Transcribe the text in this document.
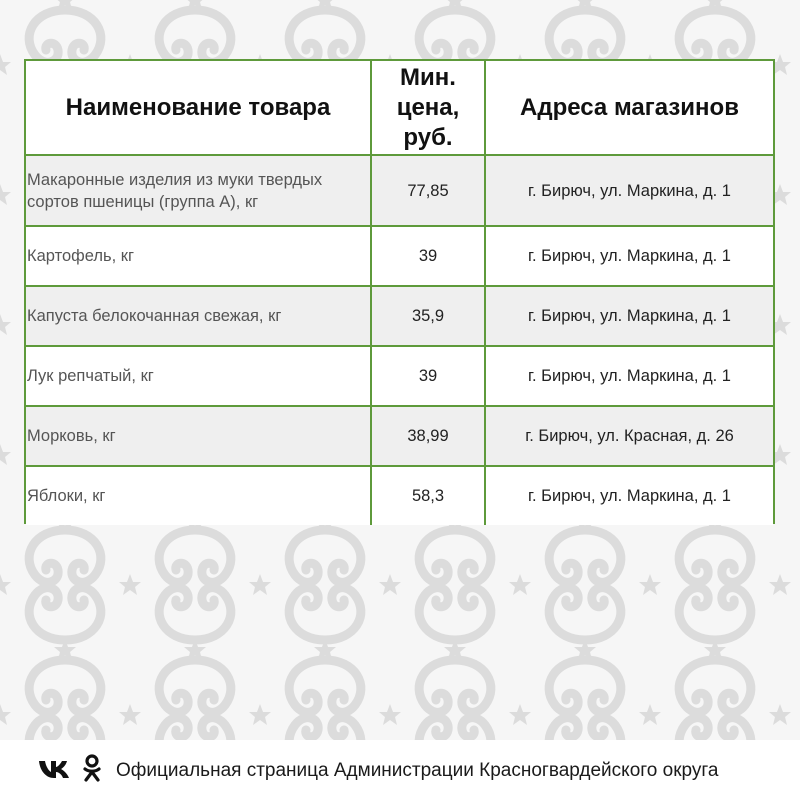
Наименование товара	Мин.
цена,
руб.	Адреса магазинов
Макаронные изделия из муки твердых
сортов пшеницы (группа А), кг	77,85	г. Бирюч, ул. Маркина, д. 1
Картофель, кг	39	г. Бирюч, ул. Маркина, д. 1
Капуста белокочанная свежая, кг	35,9	г. Бирюч, ул. Маркина, д. 1
Лук репчатый, кг	39	г. Бирюч, ул. Маркина, д. 1
Морковь, кг	38,99	г. Бирюч, ул. Красная, д. 26
Яблоки, кг	58,3	г. Бирюч, ул. Маркина, д. 1
Официальная страница Администрации Красногвардейского округа
